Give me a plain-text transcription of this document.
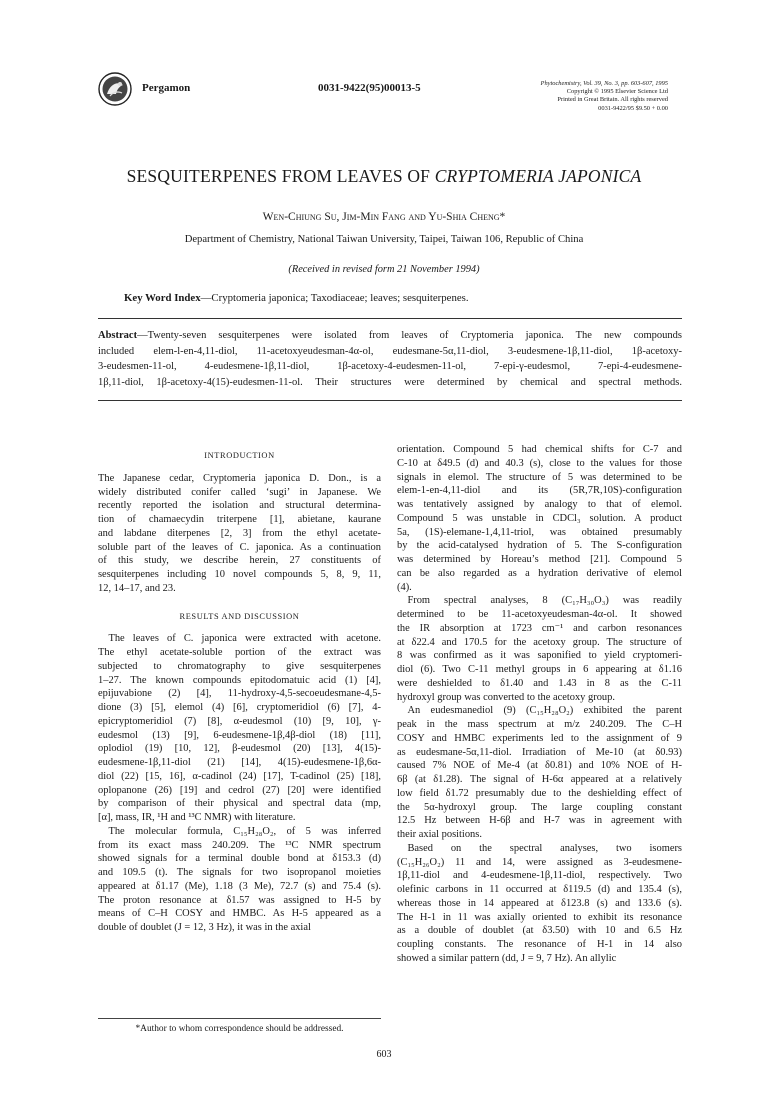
Pergamon	0031-9422(95)00013-5	Phytochemistry, Vol. 39, No. 3, pp. 603-607, 1995
Copyright © 1995 Elsevier Science Ltd
Printed in Great Britain. All rights reserved
0031-9422/95 $9.50 + 0.00
SESQUITERPENES FROM LEAVES OF CRYPTOMERIA JAPONICA
Wen-Chiung Su, Jim-Min Fang and Yu-Shia Cheng*
Department of Chemistry, National Taiwan University, Taipei, Taiwan 106, Republic of China
(Received in revised form 21 November 1994)
Key Word Index—Cryptomeria japonica; Taxodiaceae; leaves; sesquiterpenes.
Abstract—Twenty-seven sesquiterpenes were isolated from leaves of Cryptomeria japonica. The new compounds
included elem-l-en-4,11-diol, 11-acetoxyeudesman-4α-ol, eudesmane-5α,11-diol, 3-eudesmene-1β,11-diol, 1β-acetoxy-
3-eudesmen-11-ol, 4-eudesmene-1β,11-diol, 1β-acetoxy-4-eudesmen-11-ol, 7-epi-γ-eudesmol, 7-epi-4-eudesmene-
1β,11-diol, 1β-acetoxy-4(15)-eudesmen-11-ol. Their structures were determined by chemical and spectral methods.
INTRODUCTION
The Japanese cedar, Cryptomeria japonica D. Don., is a
widely distributed conifer called ‘sugi’ in Japanese. We
recently reported the isolation and structural determina-
tion of chamaecydin triterpene [1], abietane, kaurane
and labdane diterpenes [2, 3] from the ethyl acetate-
soluble part of the leaves of C. japonica. As a continuation
of this study, we describe herein, 27 constituents of
sesquiterpenes including 10 novel compounds 5, 8, 9, 11,
12, 14–17, and 23.
RESULTS AND DISCUSSION
 The leaves of C. japonica were extracted with acetone.
The ethyl acetate-soluble portion of the extract was
subjected to chromatography to give sesquiterpenes
1–27. The known compounds epitodomatuic acid (1) [4],
epijuvabione (2) [4], 11-hydroxy-4,5-secoeudesmane-4,5-
dione (3) [5], elemol (4) [6], cryptomeridiol (6) [7], 4-
epicryptomeridiol (7) [8], α-eudesmol (10) [9, 10], γ-
eudesmol (13) [9], 6-eudesmene-1β,4β-diol (18) [11],
oplodiol (19) [10, 12], β-eudesmol (20) [13], 4(15)-
eudesmene-1β,11-diol (21) [14], 4(15)-eudesmene-1β,6α-
diol (22) [15, 16], α-cadinol (24) [17], T-cadinol (25) [18],
oplopanone (26) [19] and cedrol (27) [20] were identified
by comparison of their physical and spectral data (mp,
[α], mass, IR, ¹H and ¹³C NMR) with literature.
 The molecular formula, C₁₅H₂₈O₂, of 5 was inferred
from its exact mass 240.209. The ¹³C NMR spectrum
showed signals for a terminal double bond at δ153.3 (d)
and 109.5 (t). The signals for two isopropanol moieties
appeared at δ1.17 (Me), 1.18 (3 Me), 72.7 (s) and 75.4 (s).
The proton resonance at δ1.57 was assigned to H-5 by
means of C–H COSY and HMBC. As H-5 appeared as a
double of doublet (J = 12, 3 Hz), it was in the axial
*Author to whom correspondence should be addressed.
orientation. Compound 5 had chemical shifts for C-7 and
C-10 at δ49.5 (d) and 40.3 (s), close to the values for those
signals in elemol. The structure of 5 was determined to be
elem-1-en-4,11-diol and its (5R,7R,10S)-configuration
was tentatively assigned by analogy to that of elemol.
Compound 5 was unstable in CDCl₃ solution. A product
5a, (1S)-elemane-1,4,11-triol, was obtained presumably
by the acid-catalysed hydration of 5. The S-configuration
was determined by Horeau’s method [21]. Compound 5
can be also regarded as a hydration derivative of elemol
(4).
 From spectral analyses, 8 (C₁₇H₃₀O₃) was readily
determined to be 11-acetoxyeudesman-4α-ol. It showed
the IR absorption at 1723 cm⁻¹ and carbon resonances
at δ22.4 and 170.5 for the acetoxy group. The structure of
8 was confirmed as it was saponified to yield cryptomeri-
diol (6). Two C-11 methyl groups in 6 appearing at δ1.16
were deshielded to δ1.40 and 1.43 in 8 as the C-11
hydroxyl group was converted to the acetoxy group.
 An eudesmanediol (9) (C₁₅H₂₈O₂) exhibited the parent
peak in the mass spectrum at m/z 240.209. The C–H
COSY and HMBC experiments led to the assignment of 9
as eudesmane-5α,11-diol. Irradiation of Me-10 (at δ0.93)
caused 7% NOE of Me-4 (at δ0.81) and 10% NOE of H-
6β (at δ1.28). The signal of H-6α appeared at a relatively
low field δ1.72 presumably due to the deshielding effect of
the 5α-hydroxyl group. The large coupling constant
12.5 Hz between H-6β and H-7 was in agreement with
their axial positions.
 Based on the spectral analyses, two isomers
(C₁₅H₂₆O₂) 11 and 14, were assigned as 3-eudesmene-
1β,11-diol and 4-eudesmene-1β,11-diol, respectively. Two
olefinic carbons in 11 occurred at δ119.5 (d) and 135.4 (s),
whereas those in 14 appeared at δ123.8 (s) and 133.6 (s).
The H-1 in 11 was axially oriented to exhibit its resonance
as a double of doublet (at δ3.50) with 10 and 6.5 Hz
coupling constants. The resonance of H-1 in 14 also
showed a similar pattern (dd, J = 9, 7 Hz). An allylic
603
